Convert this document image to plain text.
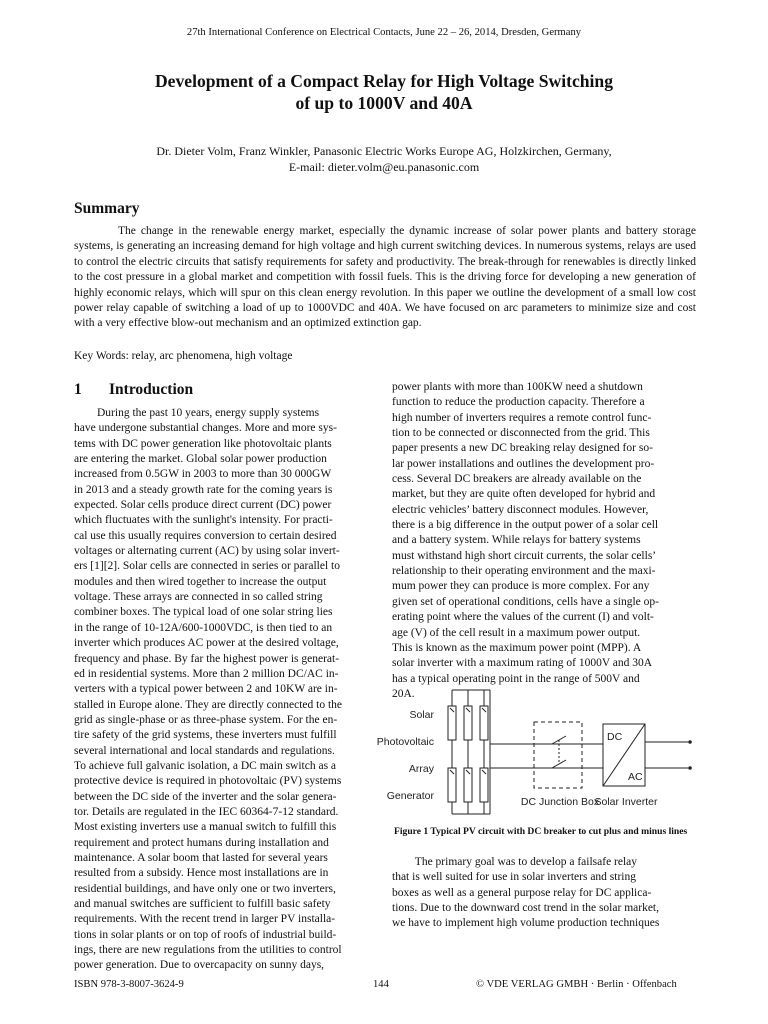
27th International Conference on Electrical Contacts, June 22 – 26, 2014, Dresden, Germany
Development of a Compact Relay for High Voltage Switching
of up to 1000V and 40A
Dr. Dieter Volm, Franz Winkler, Panasonic Electric Works Europe AG, Holzkirchen, Germany,
E-mail: dieter.volm@eu.panasonic.com
Summary

The change in the renewable energy market, especially the dynamic increase of solar power plants and battery storage systems, is generating an increasing demand for high voltage and high current switching devices. In numerous systems, relays are used to control the electric circuits that satisfy requirements for safety and productivity. The break-through for renewables is directly linked to the cost pressure in a global market and competition with fossil fuels. This is the driving force for developing a new generation of highly economic relays, which will spur on this clean energy revolution. In this paper we outline the development of a small low cost power relay capable of switching a load of up to 1000VDC and 40A. We have focused on arc parameters to minimize size and cost with a very effective blow-out mechanism and an optimized extinction gap.

Key Words: relay, arc phenomena, high voltage
1 Introduction
During the past 10 years, energy supply systems
have undergone substantial changes. More and more sys-
tems with DC power generation like photovoltaic plants
are entering the market. Global solar power production
increased from 0.5GW in 2003 to more than 30 000GW
in 2013 and a steady growth rate for the coming years is
expected. Solar cells produce direct current (DC) power
which fluctuates with the sunlight's intensity. For practi-
cal use this usually requires conversion to certain desired
voltages or alternating current (AC) by using solar invert-
ers [1][2]. Solar cells are connected in series or parallel to
modules and then wired together to increase the output
voltage. These arrays are connected in so called string
combiner boxes. The typical load of one solar string lies
in the range of 10-12A/600-1000VDC, is then tied to an
inverter which produces AC power at the desired voltage,
frequency and phase. By far the highest power is generat-
ed in residential systems. More than 2 million DC/AC in-
verters with a typical power between 2 and 10KW are in-
stalled in Europe alone. They are directly connected to the
grid as single-phase or as three-phase system. For the en-
tire safety of the grid systems, these inverters must fulfill
several international and local standards and regulations.
To achieve full galvanic isolation, a DC main switch as a
protective device is required in photovoltaic (PV) systems
between the DC side of the inverter and the solar genera-
tor. Details are regulated in the IEC 60364-7-12 standard.
Most existing inverters use a manual switch to fulfill this
requirement and protect humans during installation and
maintenance. A solar boom that lasted for several years
resulted from a subsidy. Hence most installations are in
residential buildings, and have only one or two inverters,
and manual switches are sufficient to fulfill basic safety
requirements. With the recent trend in larger PV installa-
tions in solar plants or on top of roofs of industrial build-
ings, there are new regulations from the utilities to control
power generation. Due to overcapacity on sunny days,
power plants with more than 100KW need a shutdown
function to reduce the production capacity. Therefore a
high number of inverters requires a remote control func-
tion to be connected or disconnected from the grid. This
paper presents a new DC breaking relay designed for so-
lar power installations and outlines the development pro-
cess. Several DC breakers are already available on the
market, but they are quite often developed for hybrid and
electric vehicles’ battery disconnect modules. However,
there is a big difference in the output power of a solar cell
and a battery system. While relays for battery systems
must withstand high short circuit currents, the solar cells’
relationship to their operating environment and the maxi-
mum power they can produce is more complex. For any
given set of operational conditions, cells have a single op-
erating point where the values of the current (I) and volt-
age (V) of the cell result in a maximum power output.
This is known as the maximum power point (MPP). A
solar inverter with a maximum rating of 1000V and 30A
has a typical operating point in the range of 500V and
20A.
Solar
Photovoltaic
Array
Generator	DC Junction Box
Solar Inverter
DC
AC
Figure 1 Typical PV circuit with DC breaker to cut plus and minus lines
The primary goal was to develop a failsafe relay
that is well suited for use in solar inverters and string
boxes as well as a general purpose relay for DC applica-
tions. Due to the downward cost trend in the solar market,
we have to implement high volume production techniques
ISBN 978-3-8007-3624-9	144	© VDE VERLAG GMBH · Berlin · Offenbach
